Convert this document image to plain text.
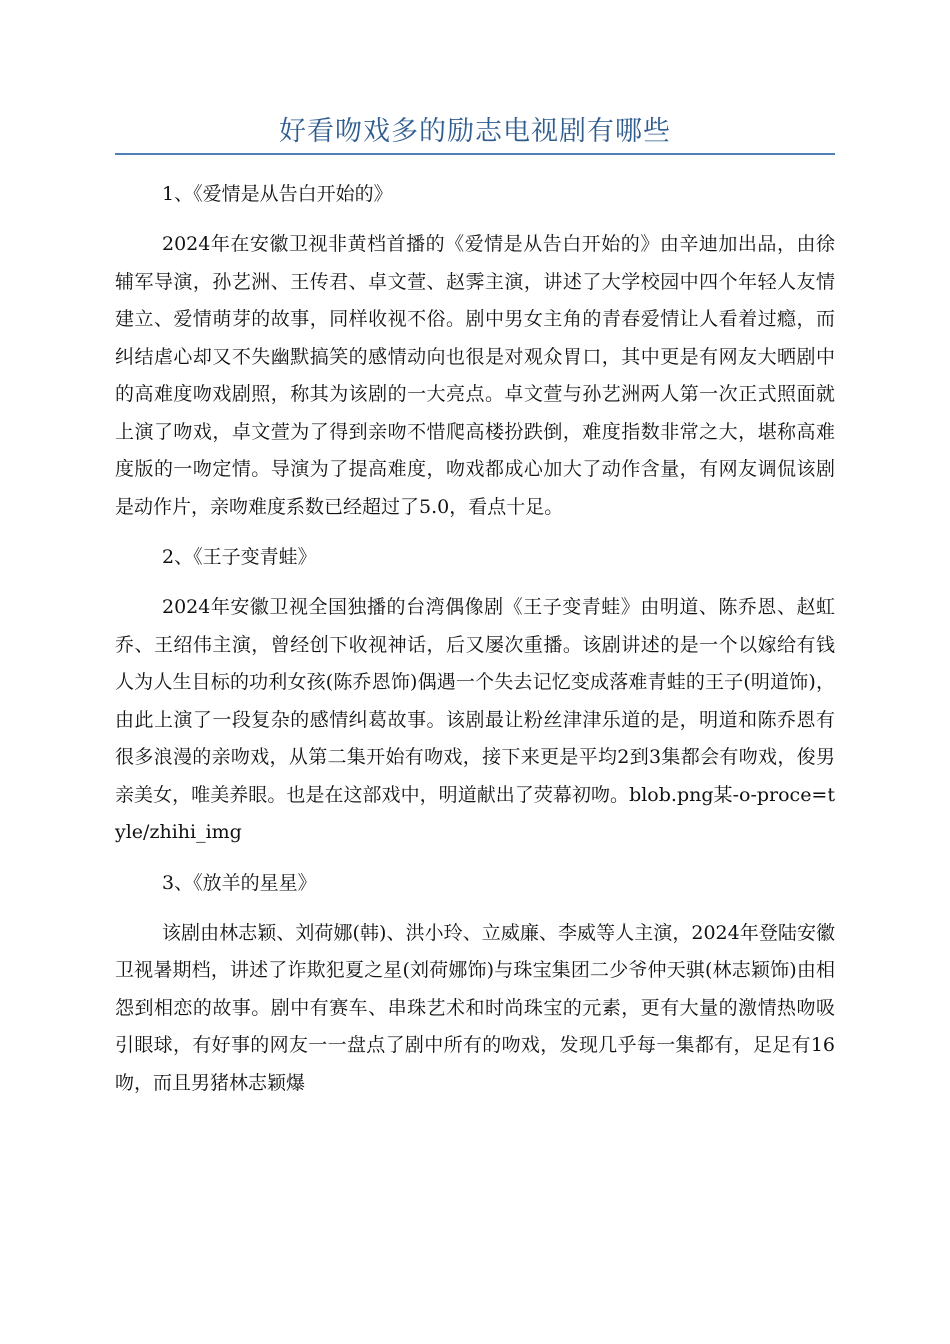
好看吻戏多的励志电视剧有哪些

1、《爱情是从告白开始的》

2024年在安徽卫视非黄档首播的《爱情是从告白开始的》由辛迪加出品，由徐辅军导演，孙艺洲、王传君、卓文萱、赵霁主演，讲述了大学校园中四个年轻人友情建立、爱情萌芽的故事，同样收视不俗。剧中男女主角的青春爱情让人看着过瘾，而纠结虐心却又不失幽默搞笑的感情动向也很是对观众胃口，其中更是有网友大晒剧中的高难度吻戏剧照，称其为该剧的一大亮点。卓文萱与孙艺洲两人第一次正式照面就上演了吻戏，卓文萱为了得到亲吻不惜爬高楼扮跌倒，难度指数非常之大，堪称高难度版的一吻定情。导演为了提高难度，吻戏都成心加大了动作含量，有网友调侃该剧是动作片，亲吻难度系数已经超过了5.0，看点十足。

2、《王子变青蛙》

2024年安徽卫视全国独播的台湾偶像剧《王子变青蛙》由明道、陈乔恩、赵虹乔、王绍伟主演，曾经创下收视神话，后又屡次重播。该剧讲述的是一个以嫁给有钱人为人生目标的功利女孩(陈乔恩饰)偶遇一个失去记忆变成落难青蛙的王子(明道饰)，由此上演了一段复杂的感情纠葛故事。该剧最让粉丝津津乐道的是，明道和陈乔恩有很多浪漫的亲吻戏，从第二集开始有吻戏，接下来更是平均2到3集都会有吻戏，俊男亲美女，唯美养眼。也是在这部戏中，明道献出了荧幕初吻。blob.png某-o-proce=tyle/zhihi_img

3、《放羊的星星》

该剧由林志颖、刘荷娜(韩)、洪小玲、立威廉、李威等人主演，2024年登陆安徽卫视暑期档，讲述了诈欺犯夏之星(刘荷娜饰)与珠宝集团二少爷仲天骐(林志颖饰)由相怨到相恋的故事。剧中有赛车、串珠艺术和时尚珠宝的元素，更有大量的激情热吻吸引眼球，有好事的网友一一盘点了剧中所有的吻戏，发现几乎每一集都有，足足有16吻，而且男猪林志颖爆
